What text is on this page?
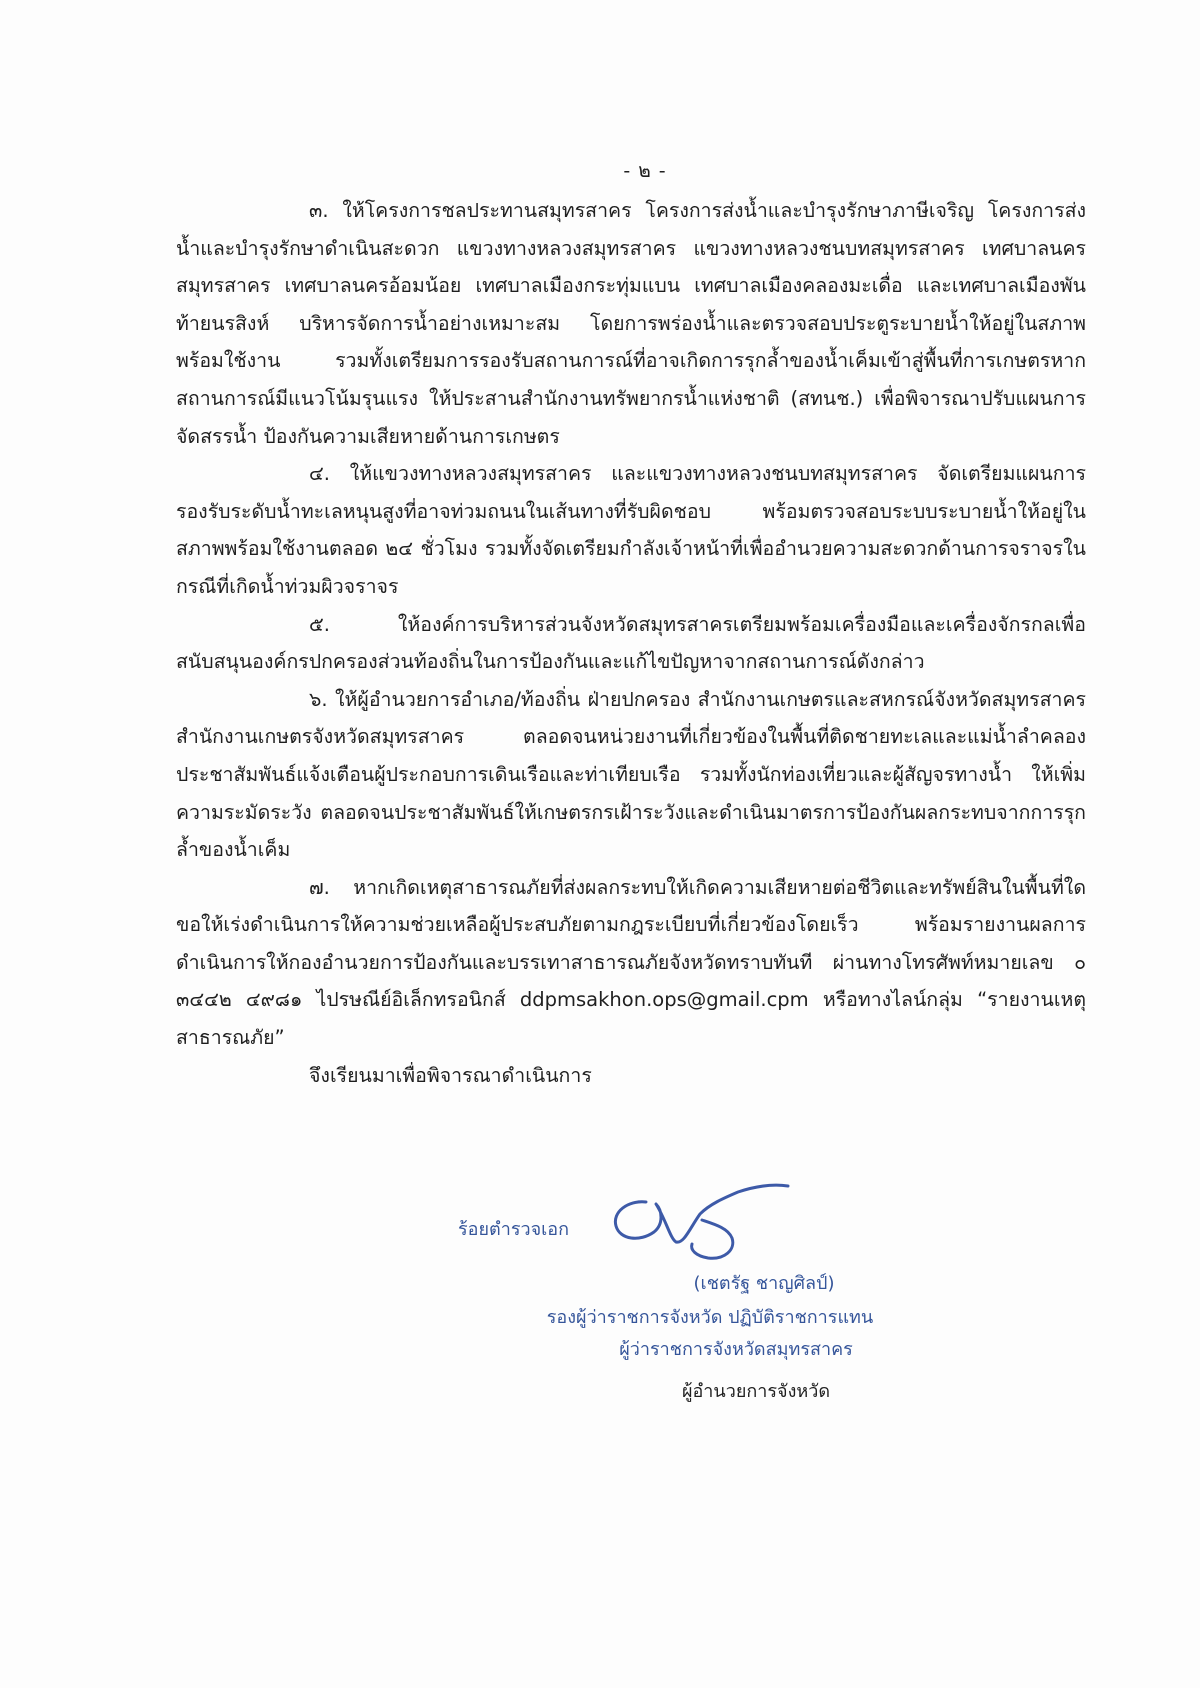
- ๒ -

๓. ให้โครงการชลประทานสมุทรสาคร โครงการส่งน้ำและบำรุงรักษาภาษีเจริญ โครงการส่งน้ำและบำรุงรักษาดำเนินสะดวก แขวงทางหลวงสมุทรสาคร แขวงทางหลวงชนบทสมุทรสาคร เทศบาลนครสมุทรสาคร เทศบาลนครอ้อมน้อย เทศบาลเมืองกระทุ่มแบน เทศบาลเมืองคลองมะเดื่อ และเทศบาลเมืองพันท้ายนรสิงห์ บริหารจัดการน้ำอย่างเหมาะสม โดยการพร่องน้ำและตรวจสอบประตูระบายน้ำให้อยู่ในสภาพพร้อมใช้งาน รวมทั้งเตรียมการรองรับสถานการณ์ที่อาจเกิดการรุกล้ำของน้ำเค็มเข้าสู่พื้นที่การเกษตรหากสถานการณ์มีแนวโน้มรุนแรง ให้ประสานสำนักงานทรัพยากรน้ำแห่งชาติ (สทนช.) เพื่อพิจารณาปรับแผนการจัดสรรน้ำ ป้องกันความเสียหายด้านการเกษตร

๔. ให้แขวงทางหลวงสมุทรสาคร และแขวงทางหลวงชนบทสมุทรสาคร จัดเตรียมแผนการรองรับระดับน้ำทะเลหนุนสูงที่อาจท่วมถนนในเส้นทางที่รับผิดชอบ พร้อมตรวจสอบระบบระบายน้ำให้อยู่ในสภาพพร้อมใช้งานตลอด ๒๔ ชั่วโมง รวมทั้งจัดเตรียมกำลังเจ้าหน้าที่เพื่ออำนวยความสะดวกด้านการจราจรในกรณีที่เกิดน้ำท่วมผิวจราจร

๕. ให้องค์การบริหารส่วนจังหวัดสมุทรสาครเตรียมพร้อมเครื่องมือและเครื่องจักรกลเพื่อสนับสนุนองค์กรปกครองส่วนท้องถิ่นในการป้องกันและแก้ไขปัญหาจากสถานการณ์ดังกล่าว

๖. ให้ผู้อำนวยการอำเภอ/ท้องถิ่น ฝ่ายปกครอง สำนักงานเกษตรและสหกรณ์จังหวัดสมุทรสาคร สำนักงานเกษตรจังหวัดสมุทรสาคร ตลอดจนหน่วยงานที่เกี่ยวข้องในพื้นที่ติดชายทะเลและแม่น้ำลำคลอง ประชาสัมพันธ์แจ้งเตือนผู้ประกอบการเดินเรือและท่าเทียบเรือ รวมทั้งนักท่องเที่ยวและผู้สัญจรทางน้ำ ให้เพิ่มความระมัดระวัง ตลอดจนประชาสัมพันธ์ให้เกษตรกรเฝ้าระวังและดำเนินมาตรการป้องกันผลกระทบจากการรุกล้ำของน้ำเค็ม

๗. หากเกิดเหตุสาธารณภัยที่ส่งผลกระทบให้เกิดความเสียหายต่อชีวิตและทรัพย์สินในพื้นที่ใด ขอให้เร่งดำเนินการให้ความช่วยเหลือผู้ประสบภัยตามกฎระเบียบที่เกี่ยวข้องโดยเร็ว พร้อมรายงานผลการดำเนินการให้กองอำนวยการป้องกันและบรรเทาสาธารณภัยจังหวัดทราบทันที ผ่านทางโทรศัพท์หมายเลข ๐ ๓๔๔๒ ๔๙๘๑ ไปรษณีย์อิเล็กทรอนิกส์ ddpmsakhon.ops@gmail.cpm หรือทางไลน์กลุ่ม “รายงานเหตุสาธารณภัย”

จึงเรียนมาเพื่อพิจารณาดำเนินการ

ร้อยตำรวจเอก
(เชตรัฐ ชาญศิลป์)
รองผู้ว่าราชการจังหวัด ปฏิบัติราชการแทน
ผู้ว่าราชการจังหวัดสมุทรสาคร
ผู้อำนวยการจังหวัด
